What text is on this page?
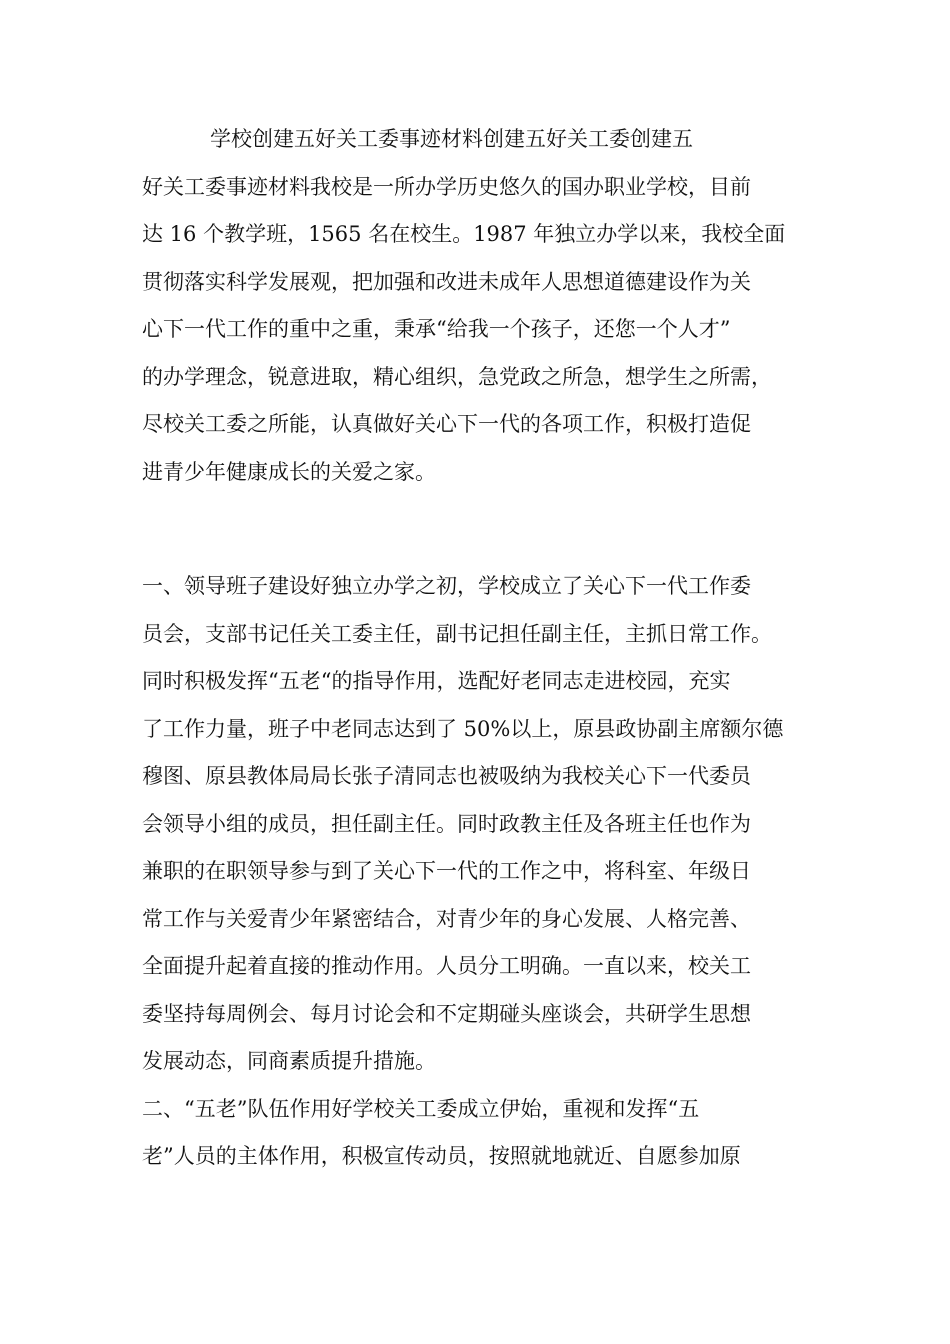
学校创建五好关工委事迹材料创建五好关工委创建五
好关工委事迹材料我校是一所办学历史悠久的国办职业学校，目前
达 16 个教学班，1565 名在校生。1987 年独立办学以来，我校全面
贯彻落实科学发展观，把加强和改进未成年人思想道德建设作为关
心下一代工作的重中之重，秉承“给我一个孩子，还您一个人才”
的办学理念，锐意进取，精心组织，急党政之所急，想学生之所需，
尽校关工委之所能，认真做好关心下一代的各项工作，积极打造促
进青少年健康成长的关爱之家。
一、领导班子建设好独立办学之初，学校成立了关心下一代工作委
员会，支部书记任关工委主任，副书记担任副主任，主抓日常工作。
同时积极发挥“五老“的指导作用，选配好老同志走进校园，充实
了工作力量，班子中老同志达到了 50%以上，原县政协副主席额尔德
穆图、原县教体局局长张子清同志也被吸纳为我校关心下一代委员
会领导小组的成员，担任副主任。同时政教主任及各班主任也作为
兼职的在职领导参与到了关心下一代的工作之中，将科室、年级日
常工作与关爱青少年紧密结合，对青少年的身心发展、人格完善、
全面提升起着直接的推动作用。人员分工明确。一直以来，校关工
委坚持每周例会、每月讨论会和不定期碰头座谈会，共研学生思想
发展动态，同商素质提升措施。
二、“五老”队伍作用好学校关工委成立伊始，重视和发挥“五
老”人员的主体作用，积极宣传动员，按照就地就近、自愿参加原
